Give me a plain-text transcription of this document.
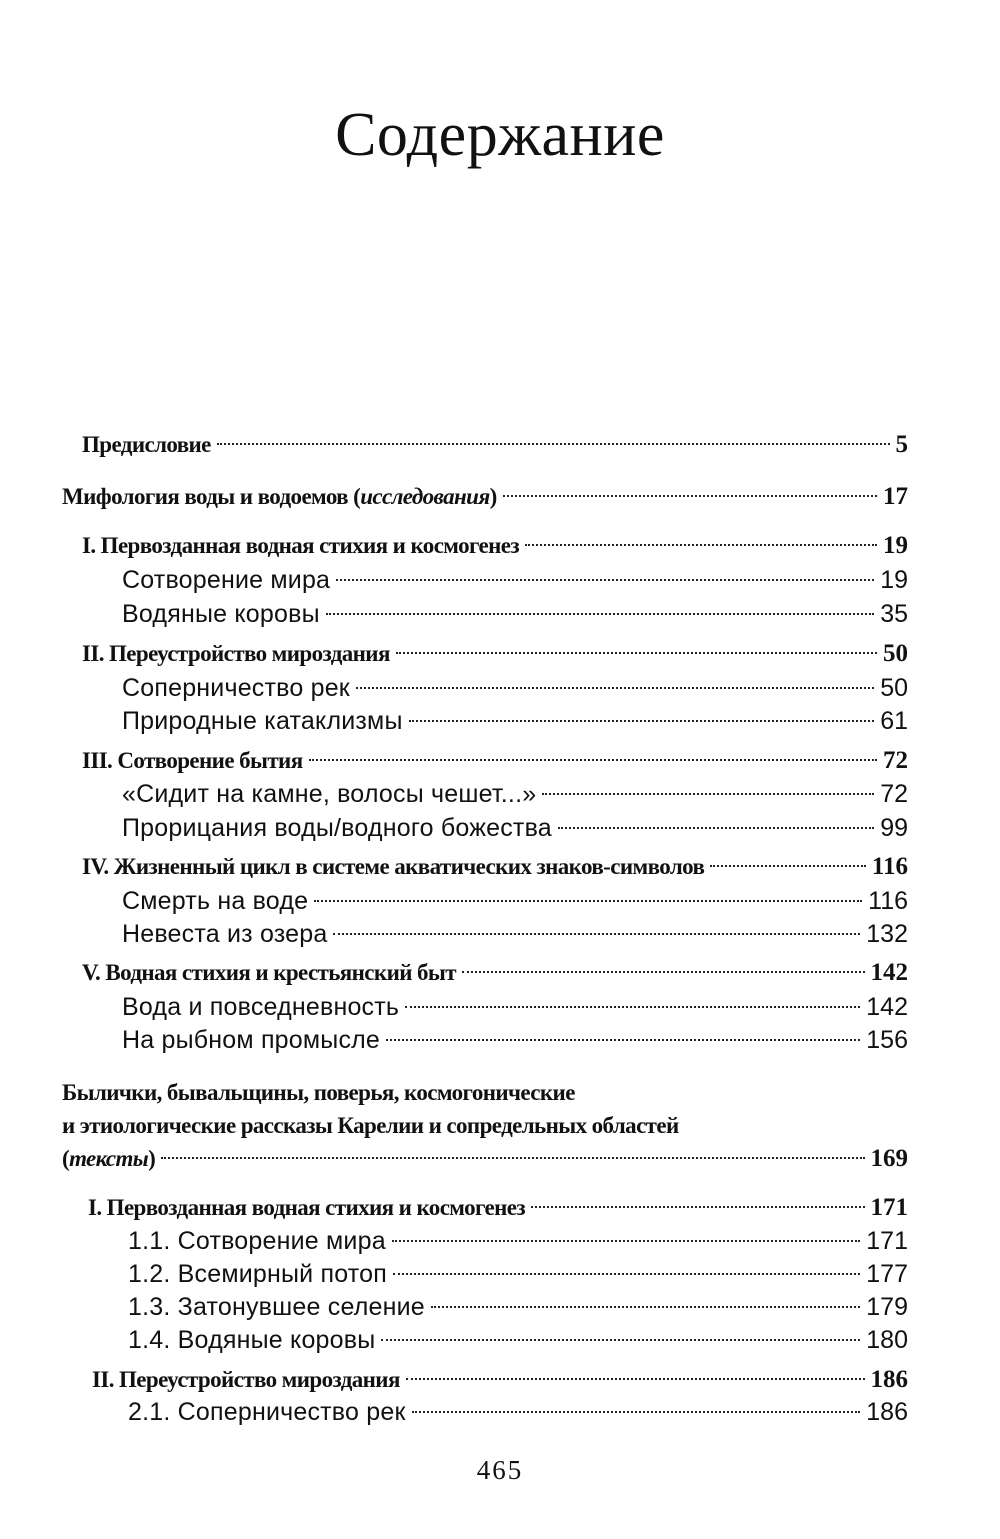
Содержание
Предисловие	5
Мифология воды и водоемов (исследования)	17
I. Первозданная водная стихия и космогенез	19
Сотворение мира	19
Водяные коровы	35
II. Переустройство мироздания	50
Соперничество рек	50
Природные катаклизмы	61
III. Сотворение бытия	72
«Сидит на камне, волосы чешет...»	72
Прорицания воды/водного божества	99
IV. Жизненный цикл в системе акватических знаков-символов	116
Смерть на воде	116
Невеста из озера	132
V. Водная стихия и крестьянский быт	142
Вода и повседневность	142
На рыбном промысле	156
Былички, бывальщины, поверья, космогонические
и этиологические рассказы Карелии и сопредельных областей
(тексты)	169
I. Первозданная водная стихия и космогенез	171
1.1. Сотворение мира	171
1.2. Всемирный потоп	177
1.3. Затонувшее селение	179
1.4. Водяные коровы	180
II. Переустройство мироздания	186
2.1. Соперничество рек	186
465
